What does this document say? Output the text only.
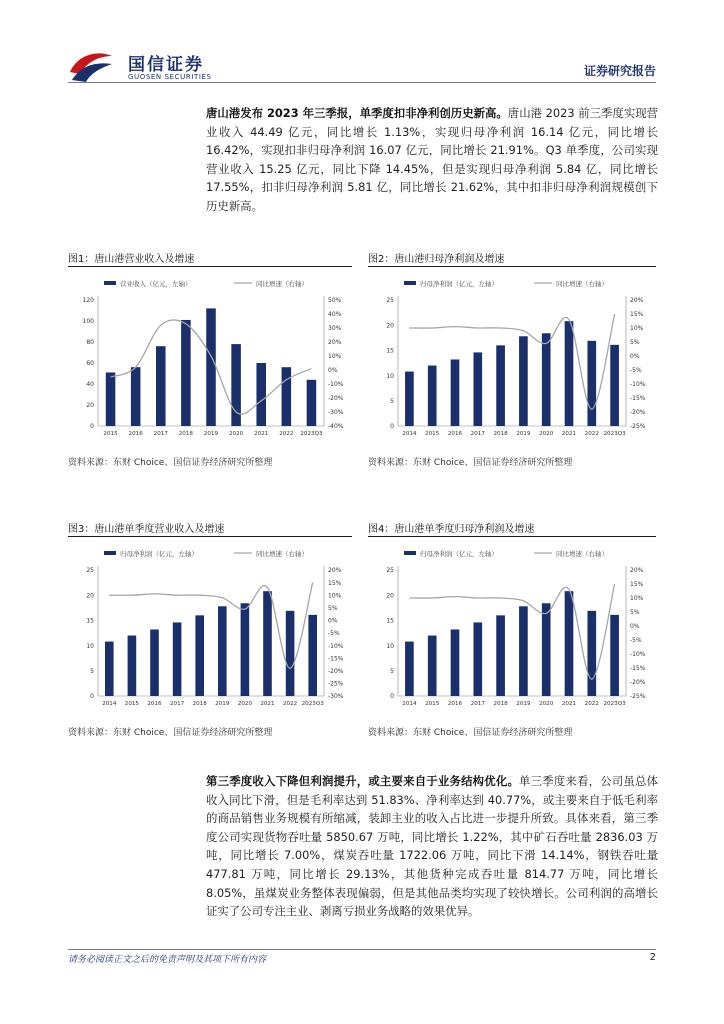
国信证券
GUOSEN SECURITIES	证券研究报告
唐山港发布 2023 年三季报，单季度扣非净利创历史新高。唐山港 2023 前三季度实现营业收入 44.49 亿元，同比增长 1.13%，实现归母净利润 16.14 亿元，同比增长 16.42%，实现扣非归母净利润 16.07 亿元，同比增长 21.91%。Q3 单季度，公司实现营业收入 15.25 亿元，同比下降 14.45%，但是实现归母净利润 5.84 亿，同比增长 17.55%，扣非归母净利润 5.81 亿，同比增长 21.62%，其中扣非归母净利润规模创下历史新高。
图1：唐山港营业收入及增速
营业收入（亿元，左轴）	同比增速（右轴）
0
20
40
60
80
100
120
-40%
-30%
-20%
-10%
0%
10%
20%
30%
40%
50%
2015 2016 2017 2018 2019 2020 2021 2022 2023Q3
资料来源：东财 Choice、国信证券经济研究所整理
图2：唐山港归母净利润及增速
归母净利润（亿元，左轴）	同比增速（右轴）
0
5
10
15
20
25
-25%
-20%
-15%
-10%
-5%
0%
5%
10%
15%
20%
2014 2015 2016 2017 2018 2019 2020 2021 2022 2023Q3
资料来源：东财 Choice、国信证券经济研究所整理
图3：唐山港单季度营业收入及增速
归母净利润（亿元，左轴）	同比增速（右轴）
0
5
10
15
20
25
-30%
-25%
-20%
-15%
-10%
-5%
0%
5%
10%
15%
20%
2014 2015 2016 2017 2018 2019 2020 2021 2022 2023Q3
资料来源：东财 Choice、国信证券经济研究所整理
图4：唐山港单季度归母净利润及增速
归母净利润（亿元，左轴）	同比增速（右轴）
0
5
10
15
20
25
-25%
-20%
-15%
-10%
-5%
0%
5%
10%
15%
20%
2014 2015 2016 2017 2018 2019 2020 2021 2022 2023Q3
资料来源：东财 Choice、国信证券经济研究所整理
第三季度收入下降但利润提升，或主要来自于业务结构优化。单三季度来看，公司虽总体收入同比下滑，但是毛利率达到 51.83%、净利率达到 40.77%，或主要来自于低毛利率的商品销售业务规模有所缩减，装卸主业的收入占比进一步提升所致。具体来看，第三季度公司实现货物吞吐量 5850.67 万吨，同比增长 1.22%，其中矿石吞吐量 2836.03 万吨，同比增长 7.00%，煤炭吞吐量 1722.06 万吨，同比下滑 14.14%，钢铁吞吐量 477.81 万吨，同比增长 29.13%，其他货种完成吞吐量 814.77 万吨，同比增长 8.05%，虽煤炭业务整体表现偏弱，但是其他品类均实现了较快增长。公司利润的高增长证实了公司专注主业、剥离亏损业务战略的效果优异。
请务必阅读正文之后的免责声明及其项下所有内容	2
